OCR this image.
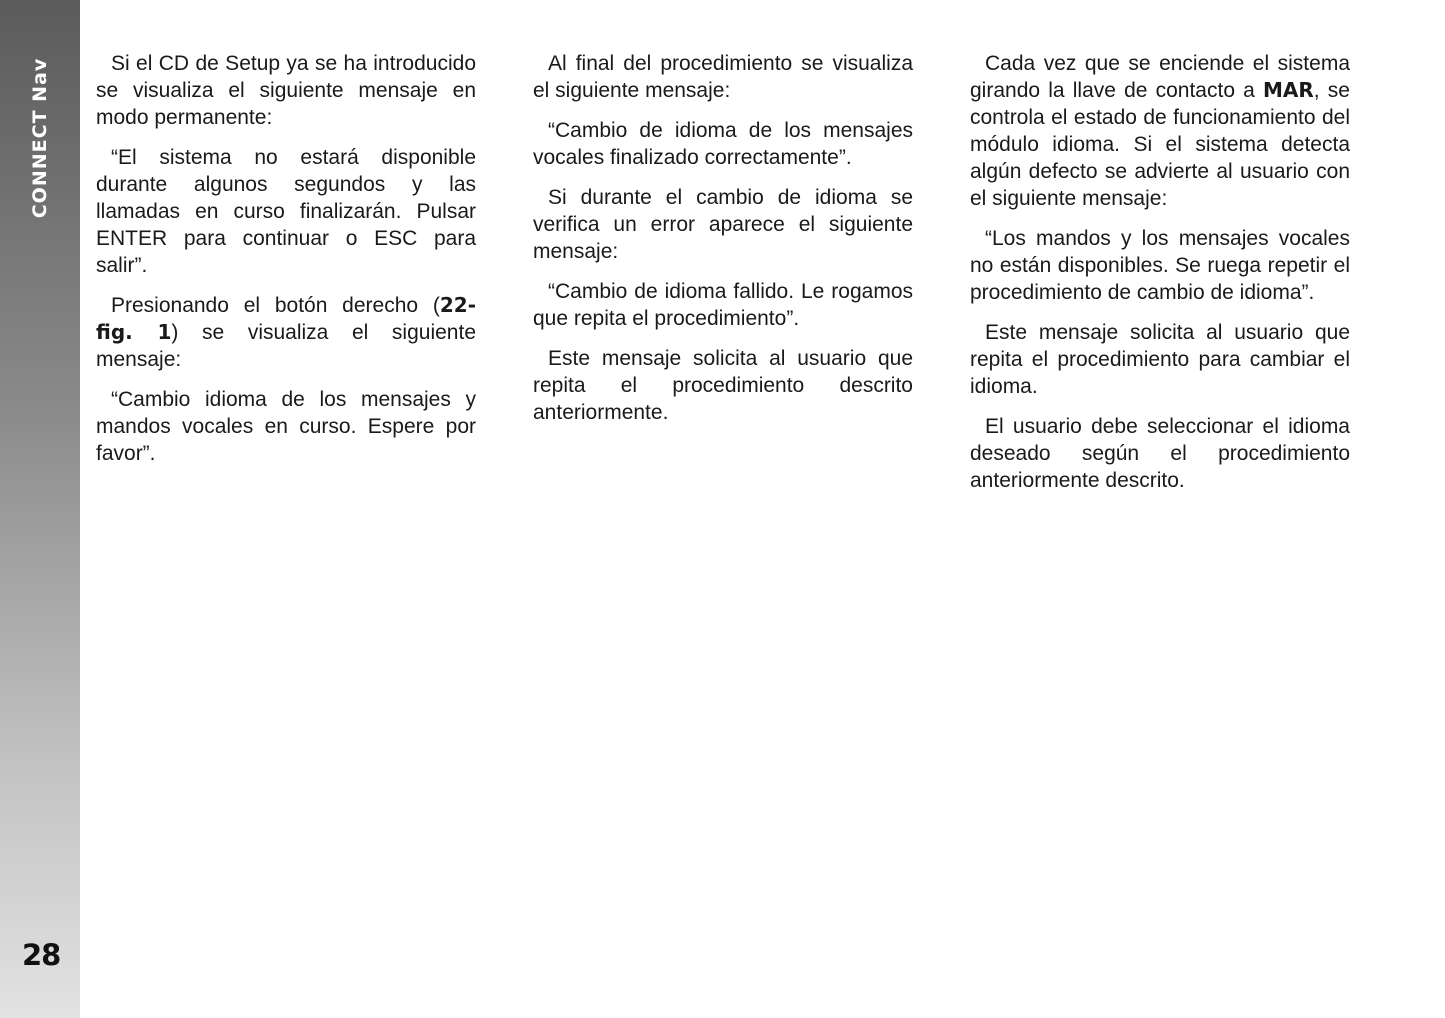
CONNECT Nav
28

Si el CD de Setup ya se ha introducido se visualiza el siguiente mensaje en modo permanente:

“El sistema no estará disponible durante algunos segundos y las llamadas en curso finalizarán. Pulsar ENTER para continuar o ESC para salir”.

Presionando el botón derecho (22-fig. 1) se visualiza el siguiente mensaje:

“Cambio idioma de los mensajes y mandos vocales en curso. Espere por favor”.

Al final del procedimiento se visualiza el siguiente mensaje:

“Cambio de idioma de los mensajes vocales finalizado correctamente”.

Si durante el cambio de idioma se verifica un error aparece el siguiente mensaje:

“Cambio de idioma fallido. Le rogamos que repita el procedimiento”.

Este mensaje solicita al usuario que repita el procedimiento descrito anteriormente.

Cada vez que se enciende el sistema girando la llave de contacto a MAR, se controla el estado de funcionamiento del módulo idioma. Si el sistema detecta algún defecto se advierte al usuario con el siguiente mensaje:

“Los mandos y los mensajes vocales no están disponibles. Se ruega repetir el procedimiento de cambio de idioma”.

Este mensaje solicita al usuario que repita el procedimiento para cambiar el idioma.

El usuario debe seleccionar el idioma deseado según el procedimiento anteriormente descrito.
